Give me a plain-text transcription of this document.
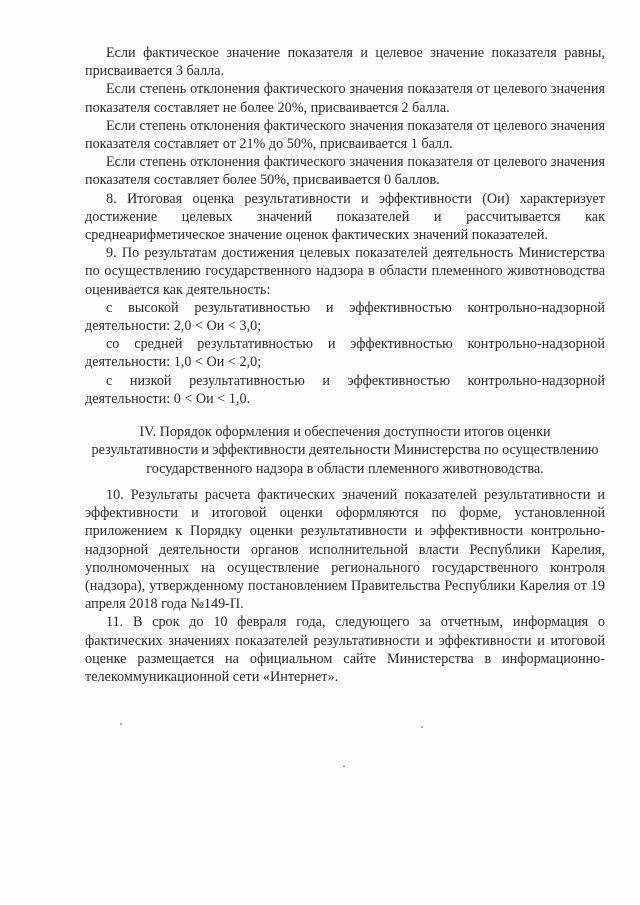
Если фактическое значение показателя и целевое значение показателя равны, присваивается 3 балла.

Если степень отклонения фактического значения показателя от целевого значения показателя составляет не более 20%, присваивается 2 балла.

Если степень отклонения фактического значения показателя от целевого значения показателя составляет от 21% до 50%, присваивается 1 балл.

Если степень отклонения фактического значения показателя от целевого значения показателя составляет более 50%, присваивается 0 баллов.

8. Итоговая оценка результативности и эффективности (Ои) характеризует достижение целевых значений показателей и рассчитывается как среднеарифметическое значение оценок фактических значений показателей.

9. По результатам достижения целевых показателей деятельность Министерства по осуществлению государственного надзора в области племенного животноводства оценивается как деятельность:

с высокой результативностью и эффективностью контрольно-надзорной деятельности: 2,0 < Ои < 3,0;

со средней результативностью и эффективностью контрольно-надзорной деятельности: 1,0 < Ои < 2,0;

с низкой результативностью и эффективностью контрольно-надзорной деятельности: 0 < Ои < 1,0.

IV. Порядок оформления и обеспечения доступности итогов оценки результативности и эффективности деятельности Министерства по осуществлению государственного надзора в области племенного животноводства.

10. Результаты расчета фактических значений показателей результативности и эффективности и итоговой оценки оформляются по форме, установленной приложением к Порядку оценки результативности и эффективности контрольно-надзорной деятельности органов исполнительной власти Республики Карелия, уполномоченных на осуществление регионального государственного контроля (надзора), утвержденному постановлением Правительства Республики Карелия от 19 апреля 2018 года №149-П.

11. В срок до 10 февраля года, следующего за отчетным, информация о фактических значениях показателей результативности и эффективности и итоговой оценке размещается на официальном сайте Министерства в информационно-телекоммуникационной сети «Интернет».
